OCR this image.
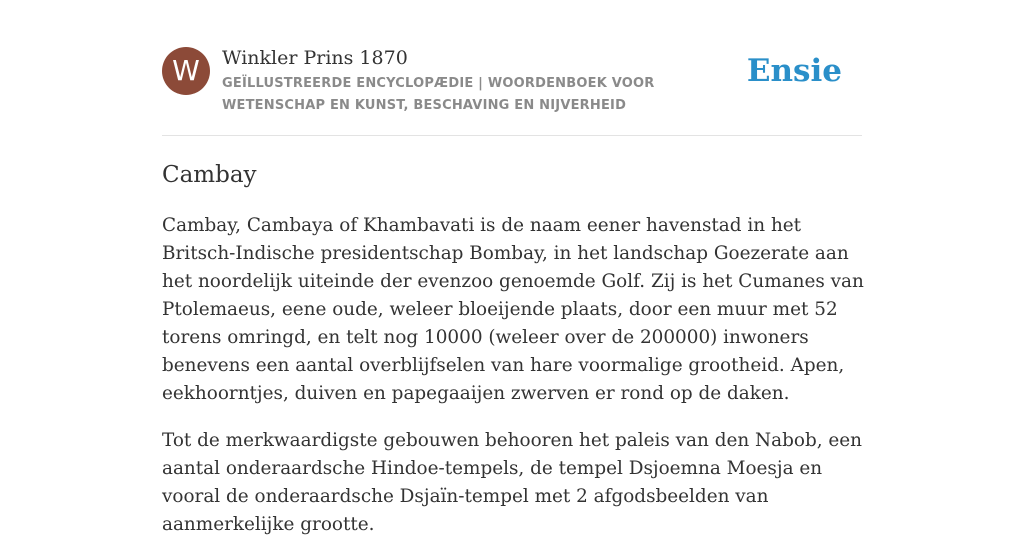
W	Winkler Prins 1870
GEÏLLUSTREERDE ENCYCLOPÆDIE | WOORDENBOEK VOOR WETENSCHAP EN KUNST, BESCHAVING EN NIJVERHEID
Ensie
Cambay

Cambay, Cambaya of Khambavati is de naam eener havenstad in het Britsch-Indische presidentschap Bombay, in het landschap Goezerate aan het noordelijk uiteinde der evenzoo genoemde Golf. Zij is het Cumanes van Ptolemaeus, eene oude, weleer bloeijende plaats, door een muur met 52 torens omringd, en telt nog 10000 (weleer over de 200000) inwoners benevens een aantal overblijfselen van hare voormalige grootheid. Apen, eekhoorntjes, duiven en papegaaijen zwerven er rond op de daken.

Tot de merkwaardigste gebouwen behooren het paleis van den Nabob, een aantal onderaardsche Hindoe-tempels, de tempel Dsjoemna Moesja en vooral de onderaardsche Dsjaïn-tempel met 2 afgodsbeelden van aanmerkelijke grootte.
